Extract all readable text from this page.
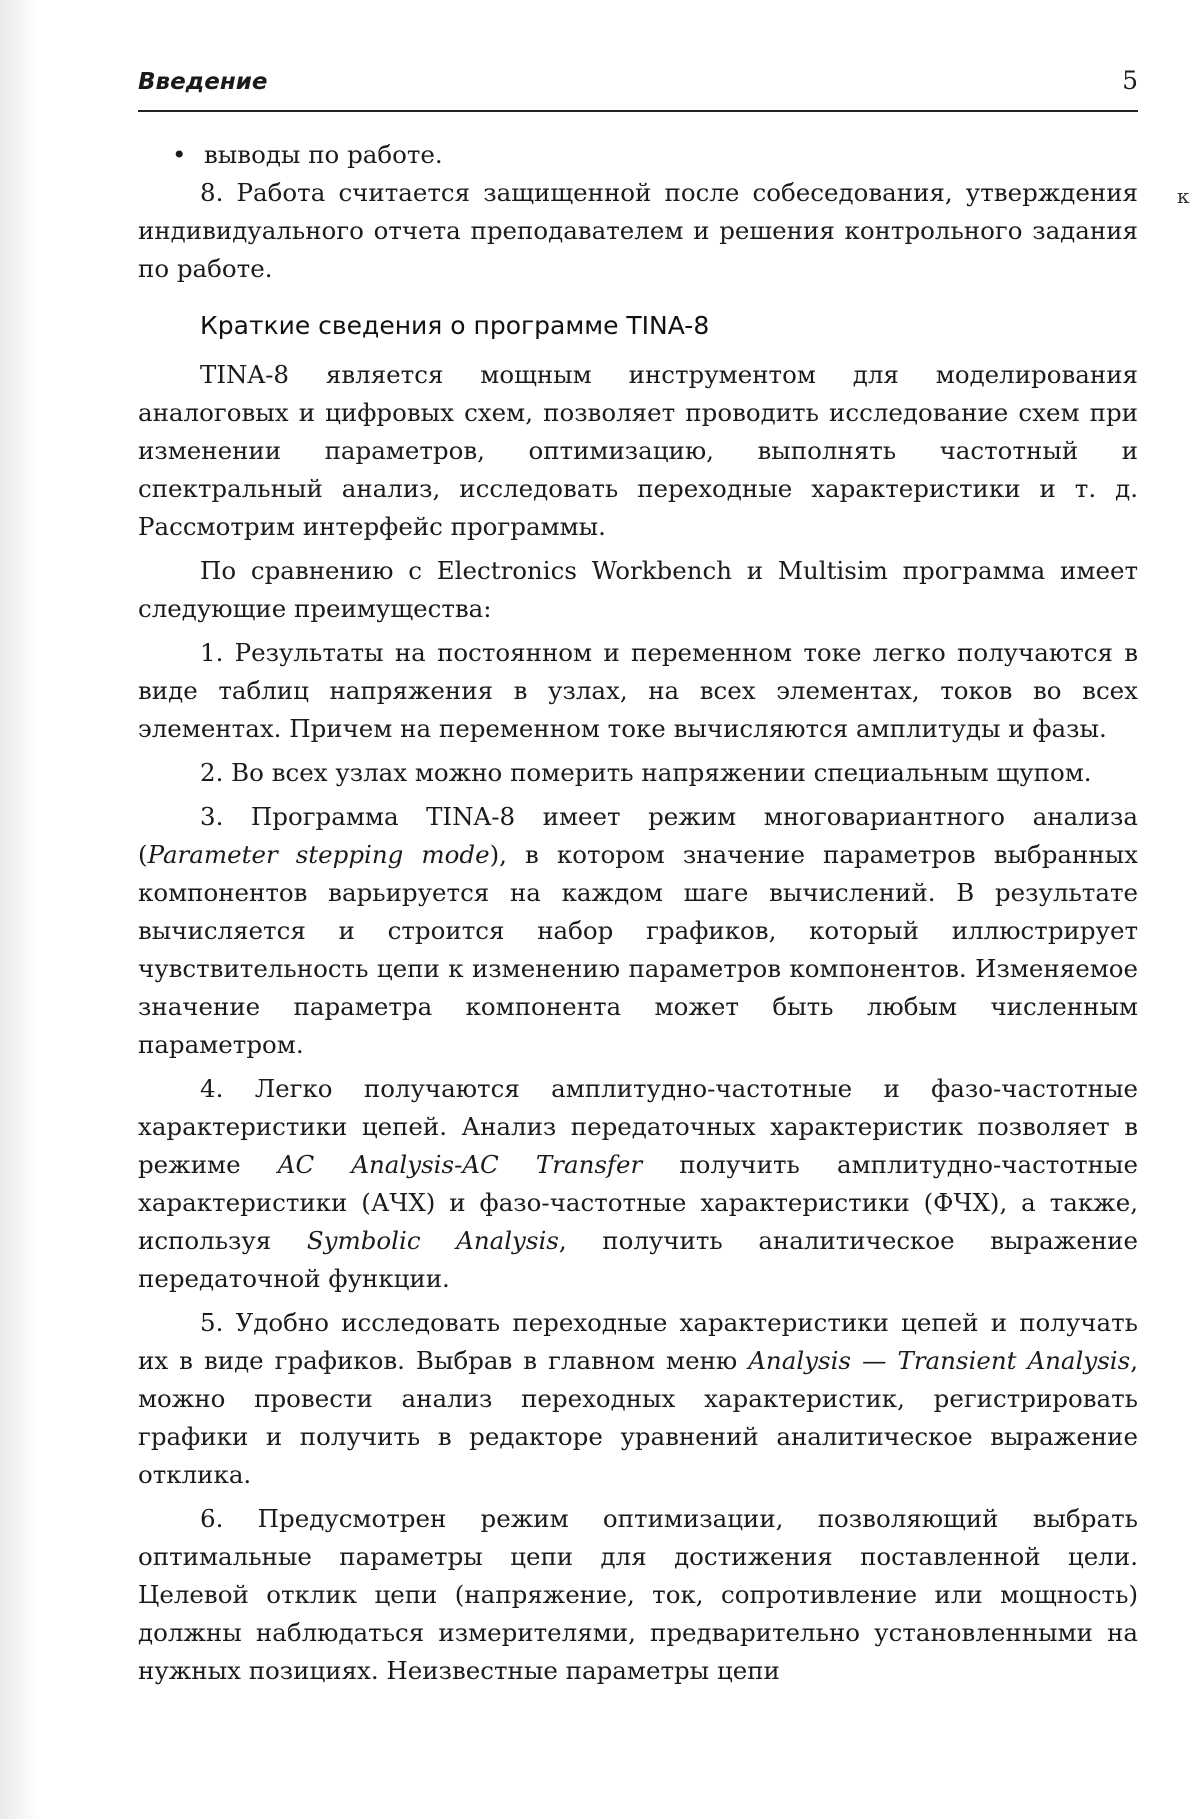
к
Введение	5

• выводы по работе.

8. Работа считается защищенной после собеседования, утверждения индивидуального отчета преподавателем и решения контрольного задания по работе.

Краткие сведения о программе TINA-8

TINA-8 является мощным инструментом для моделирования аналоговых и цифровых схем, позволяет проводить исследование схем при изменении параметров, оптимизацию, выполнять частотный и спектральный анализ, исследовать переходные характеристики и т. д. Рассмотрим интерфейс программы.

По сравнению с Electronics Workbench и Multisim программа имеет следующие преимущества:

1. Результаты на постоянном и переменном токе легко получаются в виде таблиц напряжения в узлах, на всех элементах, токов во всех элементах. Причем на переменном токе вычисляются амплитуды и фазы.

2. Во всех узлах можно померить напряжении специальным щупом.

3. Программа TINA-8 имеет режим многовариантного анализа (Parameter stepping mode), в котором значение параметров выбранных компонентов варьируется на каждом шаге вычислений. В результате вычисляется и строится набор графиков, который иллюстрирует чувствительность цепи к изменению параметров компонентов. Изменяемое значение параметра компонента может быть любым численным параметром.

4. Легко получаются амплитудно-частотные и фазо-частотные характеристики цепей. Анализ передаточных характеристик позволяет в режиме AC Analysis-AC Transfer получить амплитудно-частотные характеристики (АЧХ) и фазо-частотные характеристики (ФЧХ), а также, используя Symbolic Analysis, получить аналитическое выражение передаточной функции.

5. Удобно исследовать переходные характеристики цепей и получать их в виде графиков. Выбрав в главном меню Analysis — Transient Analysis, можно провести анализ переходных характеристик, регистрировать графики и получить в редакторе уравнений аналитическое выражение отклика.

6. Предусмотрен режим оптимизации, позволяющий выбрать оптимальные параметры цепи для достижения поставленной цели. Целевой отклик цепи (напряжение, ток, сопротивление или мощность) должны наблюдаться измерителями, предварительно установленными на нужных позициях. Неизвестные параметры цепи
